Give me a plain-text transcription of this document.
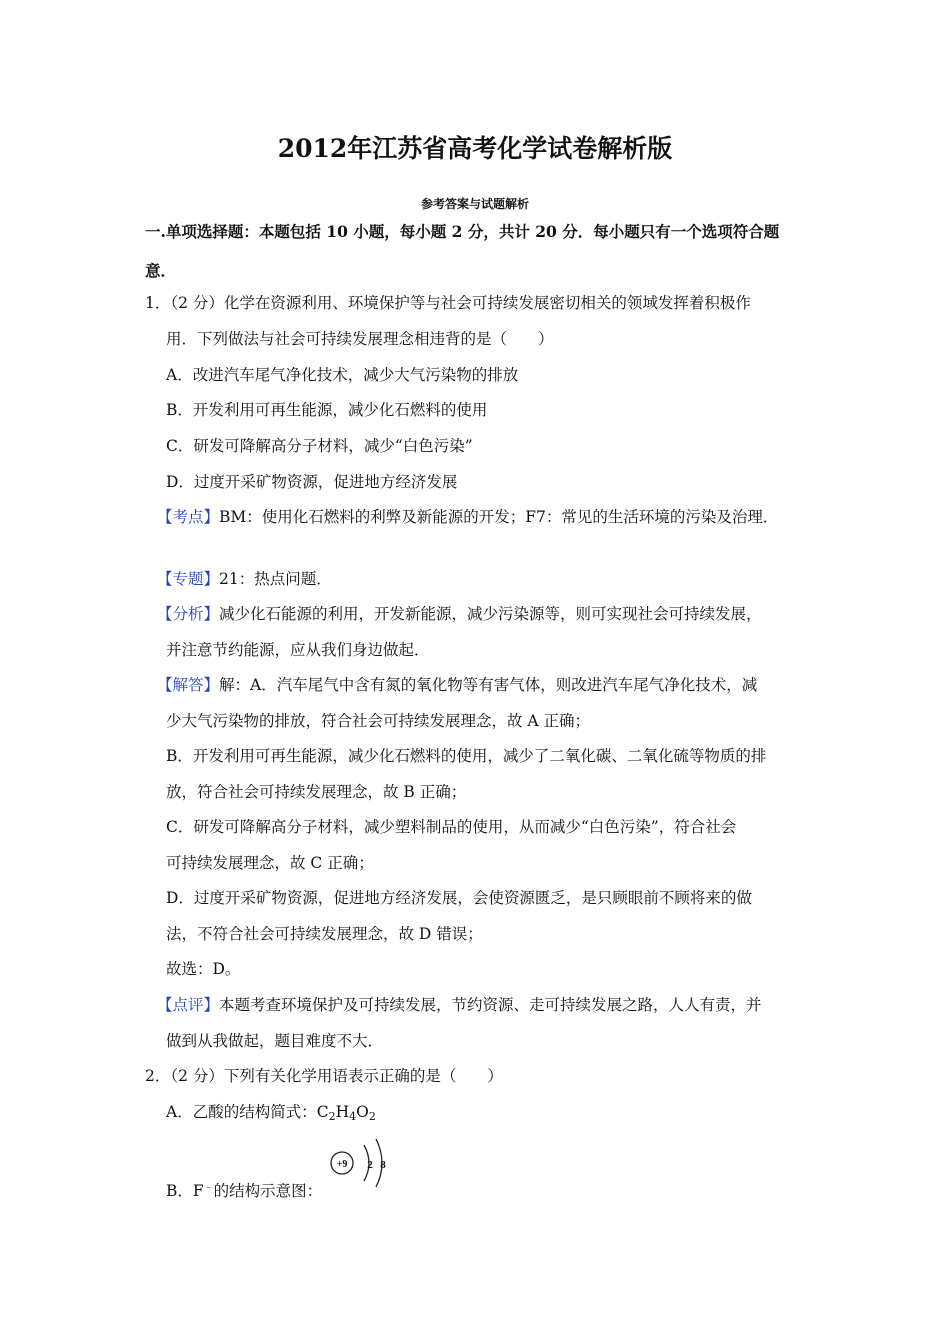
2012年江苏省高考化学试卷解析版
参考答案与试题解析
一.单项选择题：本题包括 10 小题，每小题 2 分，共计 20 分．每小题只有一个选项符合题
意．
1．（2 分）化学在资源利用、环境保护等与社会可持续发展密切相关的领域发挥着积极作
用．下列做法与社会可持续发展理念相违背的是（　　）
A．改进汽车尾气净化技术，减少大气污染物的排放
B．开发利用可再生能源，减少化石燃料的使用
C．研发可降解高分子材料，减少“白色污染”
D．过度开采矿物资源，促进地方经济发展
【考点】BM：使用化石燃料的利弊及新能源的开发；F7：常见的生活环境的污染及治理．
【专题】21：热点问题．
【分析】减少化石能源的利用，开发新能源，减少污染源等，则可实现社会可持续发展，
并注意节约能源，应从我们身边做起．
【解答】解：A．汽车尾气中含有氮的氧化物等有害气体，则改进汽车尾气净化技术，减
少大气污染物的排放，符合社会可持续发展理念，故 A 正确；
B．开发利用可再生能源，减少化石燃料的使用，减少了二氧化碳、二氧化硫等物质的排
放，符合社会可持续发展理念，故 B 正确；
C．研发可降解高分子材料，减少塑料制品的使用，从而减少“白色污染”，符合社会
可持续发展理念，故 C 正确；
D．过度开采矿物资源，促进地方经济发展，会使资源匮乏，是只顾眼前不顾将来的做
法，不符合社会可持续发展理念，故 D 错误；
故选：D。
【点评】本题考查环境保护及可持续发展，节约资源、走可持续发展之路，人人有责，并
做到从我做起，题目难度不大．
2．（2 分）下列有关化学用语表示正确的是（　　）
A．乙酸的结构简式：$C_2H_4O_2$
B．F﹣的结构示意图：
+9 2 8
